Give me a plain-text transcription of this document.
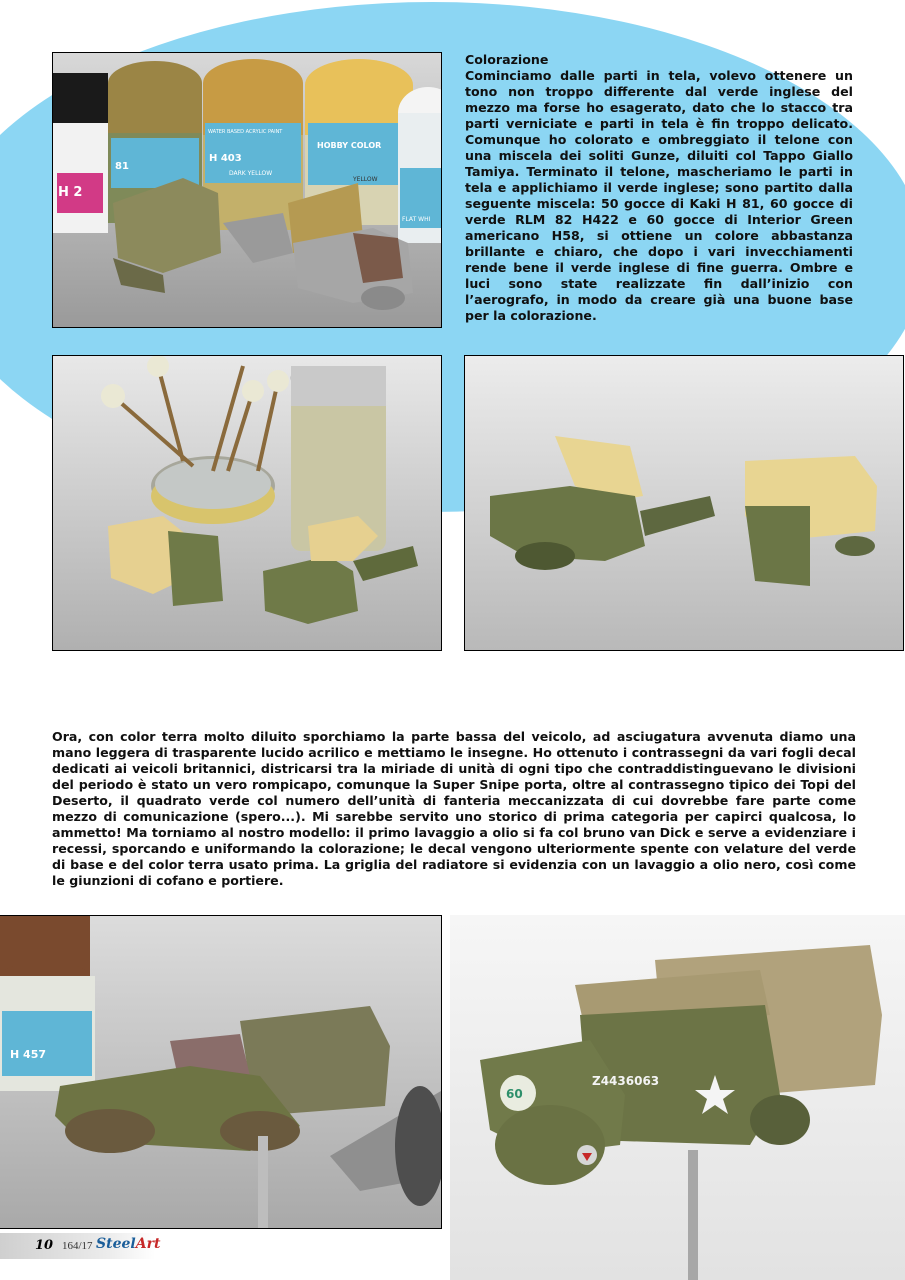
H 2
81
H 403
DARK YELLOW
WATER BASED ACRYLIC PAINT
HOBBY COLOR
YELLOW
FLAT WHI
Colorazione
Cominciamo dalle parti in tela, volevo ottenere un tono non troppo differente dal verde inglese del mezzo ma forse ho esagerato, dato che lo stacco tra parti verniciate e parti in tela è fin troppo delicato. Comunque ho colorato e ombreggiato il telone con una miscela dei soliti Gunze, diluiti col Tappo Giallo Tamiya. Terminato il telone, mascheriamo le parti in tela e applichiamo il verde inglese; sono partito dalla seguente miscela: 50 gocce di Kaki H 81, 60 gocce di verde RLM 82 H422 e 60 gocce di Interior Green americano H58, si ottiene un colore abbastanza brillante e chiaro, che dopo i vari invecchiamenti rende bene il verde inglese di fine guerra. Ombre e luci sono state realizzate fin dall’inizio con l’aerografo, in modo da creare già una buone base per la colorazione.
Ora, con color terra molto diluito sporchiamo la parte bassa del veicolo, ad asciugatura avvenuta diamo una mano leggera di trasparente lucido acrilico e mettiamo le insegne. Ho ottenuto i contrassegni da vari fogli decal dedicati ai veicoli britannici, districarsi tra la miriade di unità di ogni tipo che contraddistinguevano le divisioni del periodo è stato un vero rompicapo, comunque la Super Snipe porta, oltre al contrassegno tipico dei Topi del Deserto, il quadrato verde col numero dell’unità di fanteria meccanizzata di cui dovrebbe fare parte come mezzo di comunicazione (spero...). Mi sarebbe servito uno storico di prima categoria per capirci qualcosa, lo ammetto! Ma torniamo al nostro modello: il primo lavaggio a olio si fa col bruno van Dick e serve a evidenziare i recessi, sporcando e uniformando la colorazione; le decal vengono ulteriormente spente con velature del verde di base e del color terra usato prima. La griglia del radiatore si evidenzia con un lavaggio a olio nero, così come le giunzioni di cofano e portiere.
H 457
60
Z4436063
10 164/17 SteelArt
